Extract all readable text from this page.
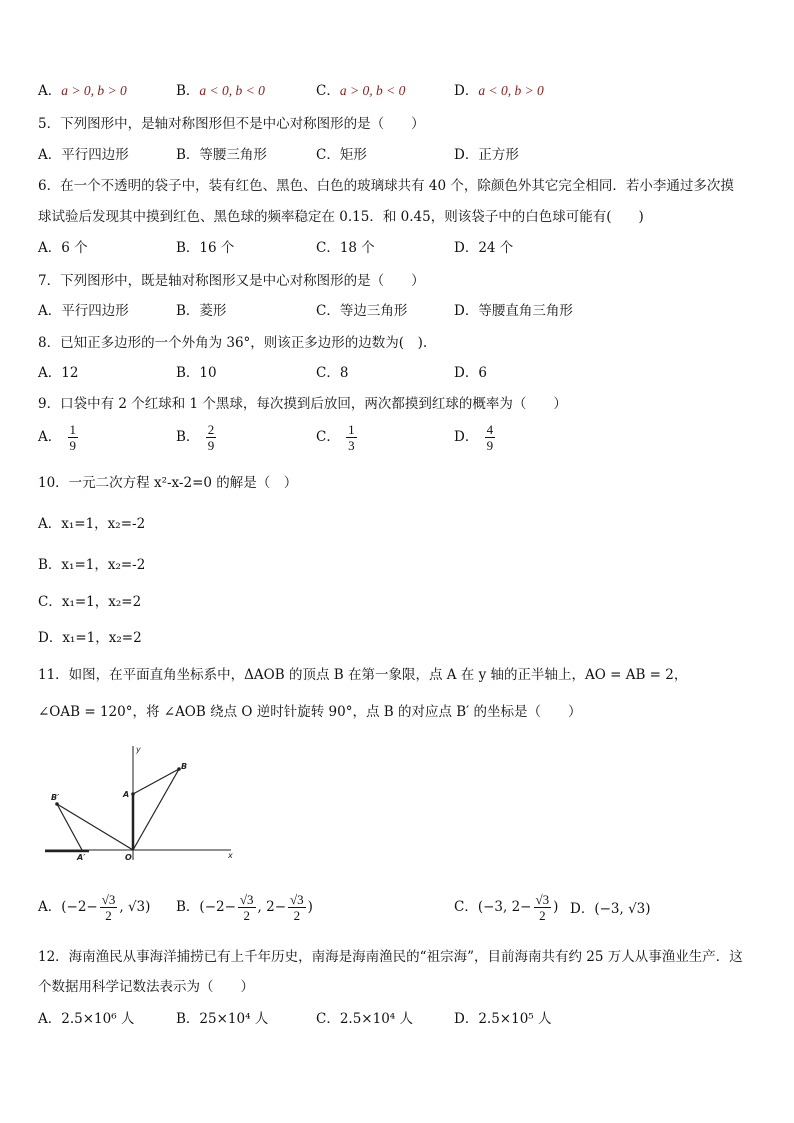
A．a > 0, b > 0	B．a < 0, b < 0	C．a > 0, b < 0	D．a < 0, b > 0
5．下列图形中，是轴对称图形但不是中心对称图形的是（　　）
A．平行四边形	B．等腰三角形	C．矩形	D．正方形
6．在一个不透明的袋子中，装有红色、黑色、白色的玻璃球共有 40 个，除颜色外其它完全相同．若小李通过多次摸
球试验后发现其中摸到红色、黑色球的频率稳定在 0.15．和 0.45，则该袋子中的白色球可能有(　　)
A．6 个	B．16 个	C．18 个	D．24 个
7．下列图形中，既是轴对称图形又是中心对称图形的是（　　）
A．平行四边形	B．菱形	C．等边三角形	D．等腰直角三角形
8．已知正多边形的一个外角为 36°，则该正多边形的边数为(　).
A．12	B．10	C．8	D．6
9．口袋中有 2 个红球和 1 个黑球，每次摸到后放回，两次都摸到红球的概率为（　　）
A． $\frac{1}{9}$	B． $\frac{2}{9}$	C． $\frac{1}{3}$	D． $\frac{4}{9}$
10．一元二次方程 x²-x-2=0 的解是（　）
A．x₁=1，x₂=-2
B．x₁=1，x₂=-2
C．x₁=1，x₂=2
D．x₁=1，x₂=2
11．如图，在平面直角坐标系中，ΔAOB 的顶点 B 在第一象限，点 A 在 y 轴的正半轴上，AO = AB = 2，
∠OAB = 120°，将 ∠AOB 绕点 O 逆时针旋转 90°，点 B 的对应点 B′ 的坐标是（　　）
y
x
B
A
B′
A′	O
A．($-2- \frac{√3}{2}$ , √3) B．($-2- \frac{√3}{2}$ , $2- \frac{√3}{2}$ )	C．(−3, $2- \frac{√3}{2}$ ) D．(−3, √3)
12．海南渔民从事海洋捕捞已有上千年历史，南海是海南渔民的“祖宗海”，目前海南共有约 25 万人从事渔业生产．这
个数据用科学记数法表示为（　　）
A．2.5×10⁶ 人	B．25×10⁴ 人	C．2.5×10⁴ 人	D．2.5×10⁵ 人
